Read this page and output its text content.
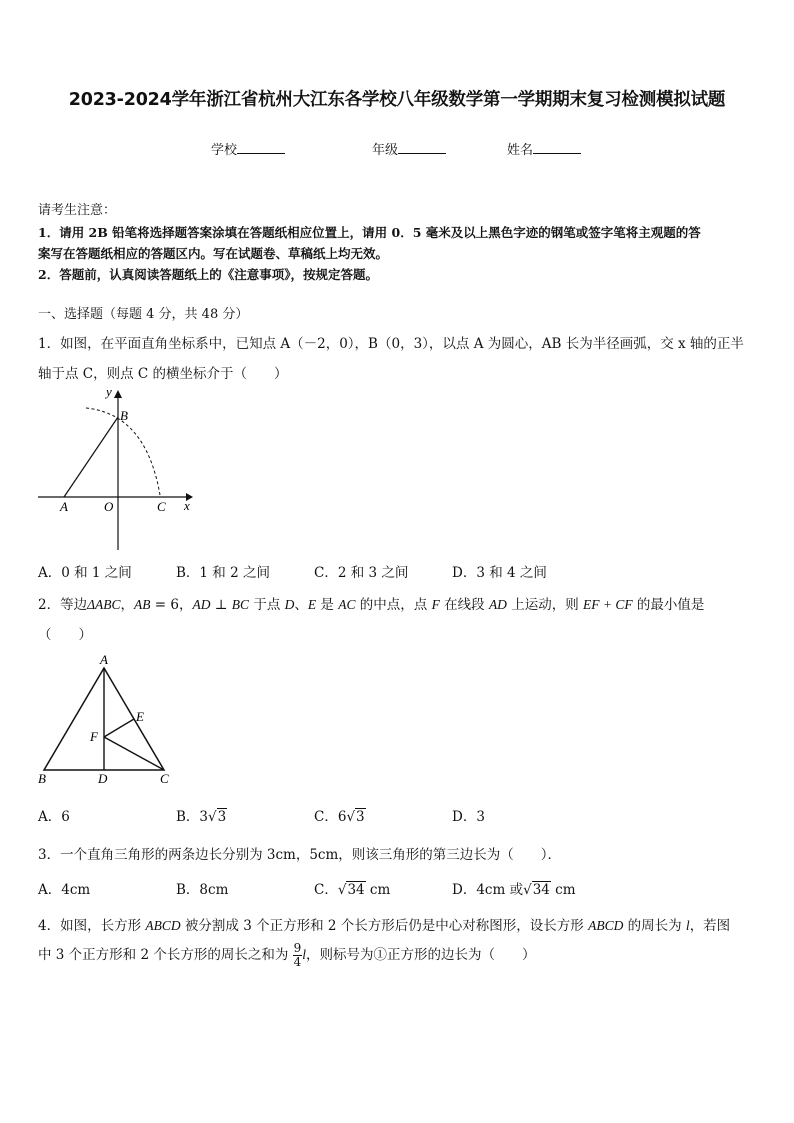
2023-2024学年浙江省杭州大江东各学校八年级数学第一学期期末复习检测模拟试题
学校	年级	姓名
请考生注意：
1．请用 2B 铅笔将选择题答案涂填在答题纸相应位置上，请用 0．5 毫米及以上黑色字迹的钢笔或签字笔将主观题的答
案写在答题纸相应的答题区内。写在试题卷、草稿纸上均无效。
2．答题前，认真阅读答题纸上的《注意事项》，按规定答题。
一、选择题（每题 4 分，共 48 分）
1．如图，在平面直角坐标系中，已知点 A（－2，0），B（0，3），以点 A 为圆心，AB 长为半径画弧，交 x 轴的正半
轴于点 C，则点 C 的横坐标介于（　　）
y
x
A	O
B
C
A．0 和 1 之间	B．1 和 2 之间	C．2 和 3 之间	D．3 和 4 之间
2．等边ΔABC，AB = 6，AD ⊥ BC 于点 D、E 是 AC 的中点，点 F 在线段 AD 上运动，则 EF + CF 的最小值是
（　　）
A
B	C
D
E
F
A．6	B．3√3	C．6√3	D．3
3．一个直角三角形的两条边长分别为 3cm，5cm，则该三角形的第三边长为（　　）．
A．4cm	B．8cm	C．√34 cm	D．4cm 或√34 cm
4．如图，长方形 ABCD 被分割成 3 个正方形和 2 个长方形后仍是中心对称图形，设长方形 ABCD 的周长为 l，若图
中 3 个正方形和 2 个长方形的周长之和为 $\frac{9}{4}$ l，则标号为①正方形的边长为（　　）
